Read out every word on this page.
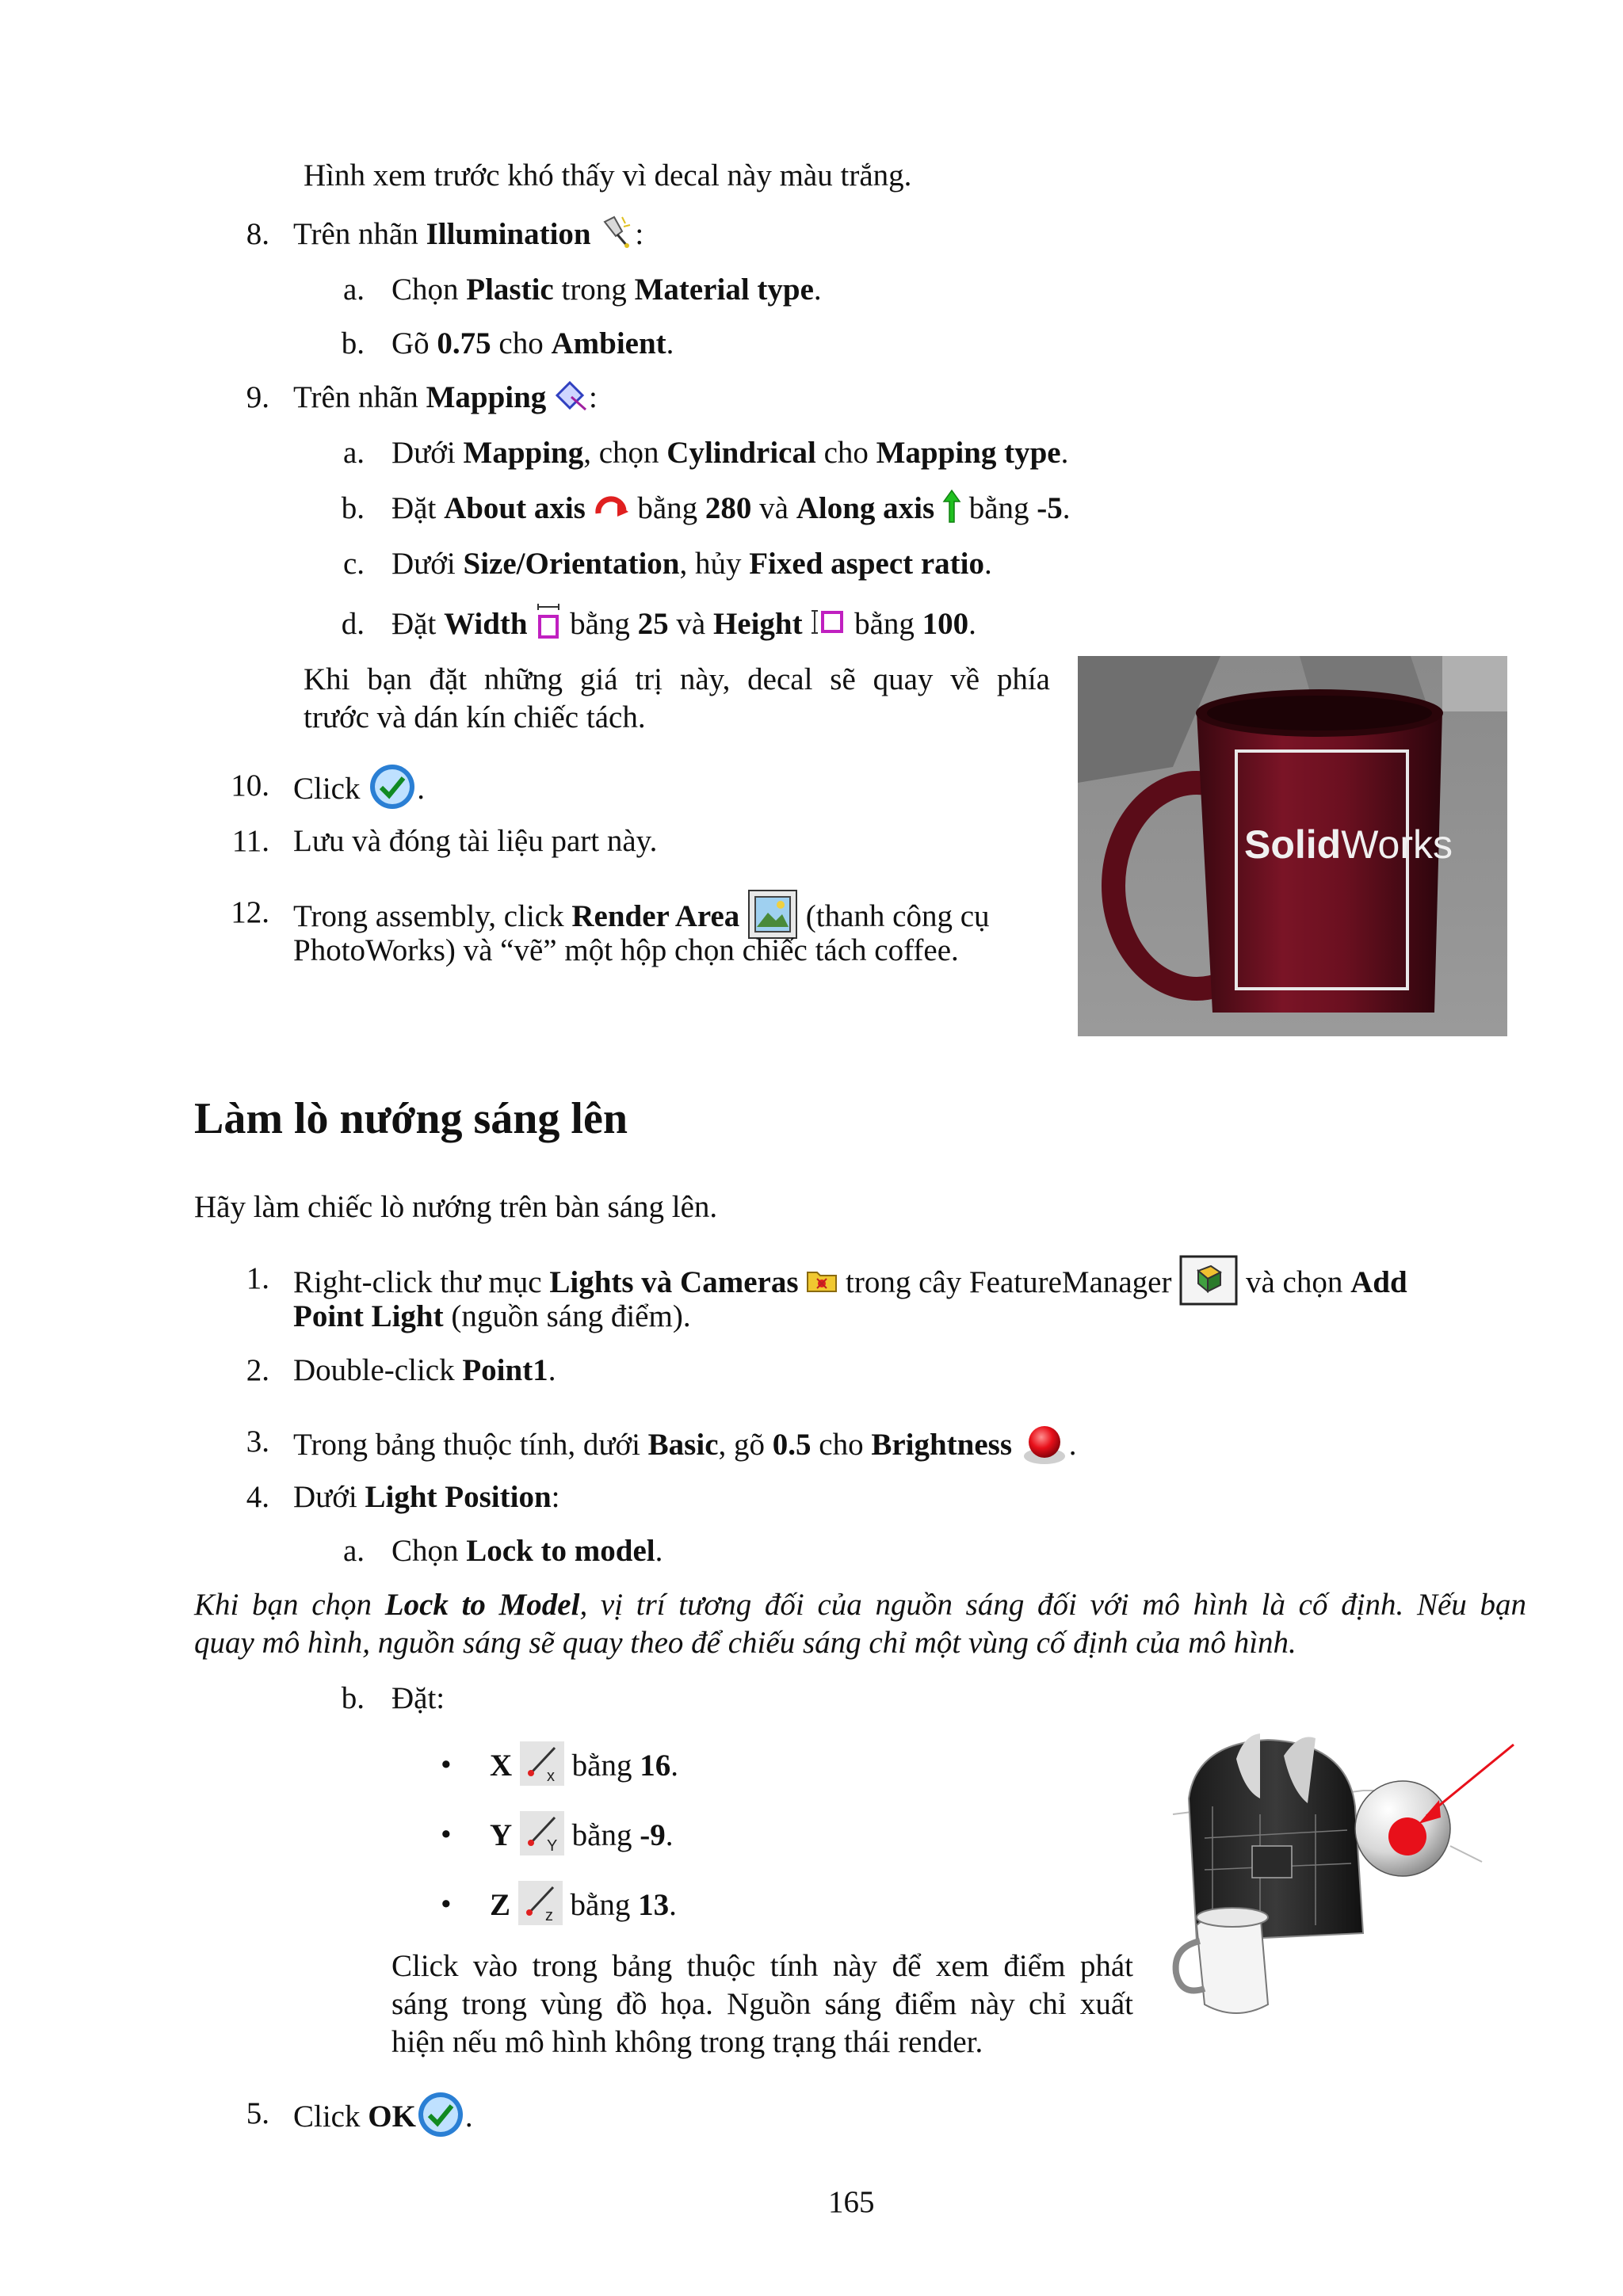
Hình xem trước khó thấy vì decal này màu trắng.
8. Trên nhãn Illumination :
a. Chọn Plastic trong Material type.
b. Gõ 0.75 cho Ambient.
9. Trên nhãn Mapping :
a. Dưới Mapping, chọn Cylindrical cho Mapping type.
b. Đặt About axis
bằng 280 và Along axis
bằng -5.
c. Dưới Size/Orientation, hủy Fixed aspect ratio.
d. Đặt Width
bằng 25 và Height
bằng 100.
Khi bạn đặt những giá trị này, decal sẽ quay về phía
trước và dán kín chiếc tách.
SolidWorks
10. Click
.
11. Lưu và đóng tài liệu part này.
12. Trong assembly, click Render Area (thanh công cụ
PhotoWorks) và “vẽ” một hộp chọn chiếc tách coffee.
Làm lò nướng sáng lên
Hãy làm chiếc lò nướng trên bàn sáng lên.
1. Right-click thư mục Lights và Cameras
trong cây FeatureManager
và chọn Add
Point Light (nguồn sáng điểm).
2. Double-click Point1.
3. Trong bảng thuộc tính, dưới Basic, gõ 0.5 cho Brightness .
4. Dưới Light Position:
a. Chọn Lock to model.
Khi bạn chọn Lock to Model, vị trí tương đối của nguồn sáng đối với mô hình là cố định. Nếu bạn
quay mô hình, nguồn sáng sẽ quay theo để chiếu sáng chỉ một vùng cố định của mô hình.
b. Đặt:
• X x bằng 16.
• Y Y bằng -9.
• Z z bằng 13.
Click vào trong bảng thuộc tính này để xem điểm phát
sáng trong vùng đồ họa. Nguồn sáng điểm này chỉ xuất
hiện nếu mô hình không trong trạng thái render.
5. Click OK .
165
